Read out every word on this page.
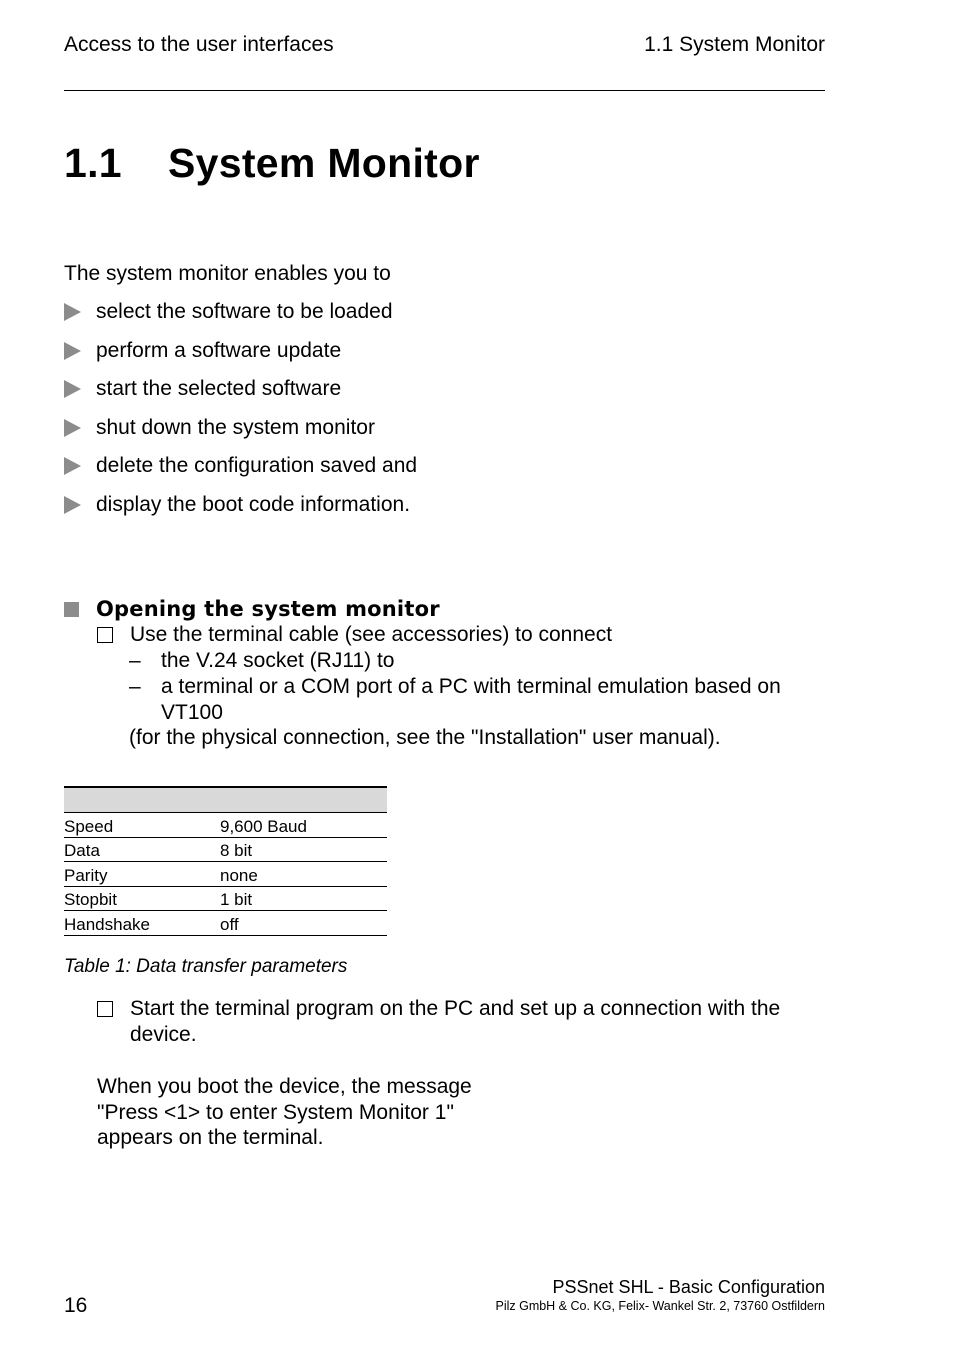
Access to the user interfaces	1.1 System Monitor
1.1 System Monitor
The system monitor enables you to
select the software to be loaded
perform a software update
start the selected software
shut down the system monitor
delete the configuration saved and
display the boot code information.
Opening the system monitor
Use the terminal cable (see accessories) to connect
– the V.24 socket (RJ11) to
– a terminal or a COM port of a PC with terminal emulation based on
VT100
(for the physical connection, see the "Installation" user manual).

Speed	9,600 Baud
Data	8 bit
Parity	none
Stopbit	1 bit
Handshake	off
Table 1: Data transfer parameters
Start the terminal program on the PC and set up a connection with the
device.
When you boot the device, the message
"Press <1> to enter System Monitor 1"
appears on the terminal.
16
PSSnet SHL - Basic Configuration
Pilz GmbH & Co. KG, Felix- Wankel Str. 2, 73760 Ostfildern
